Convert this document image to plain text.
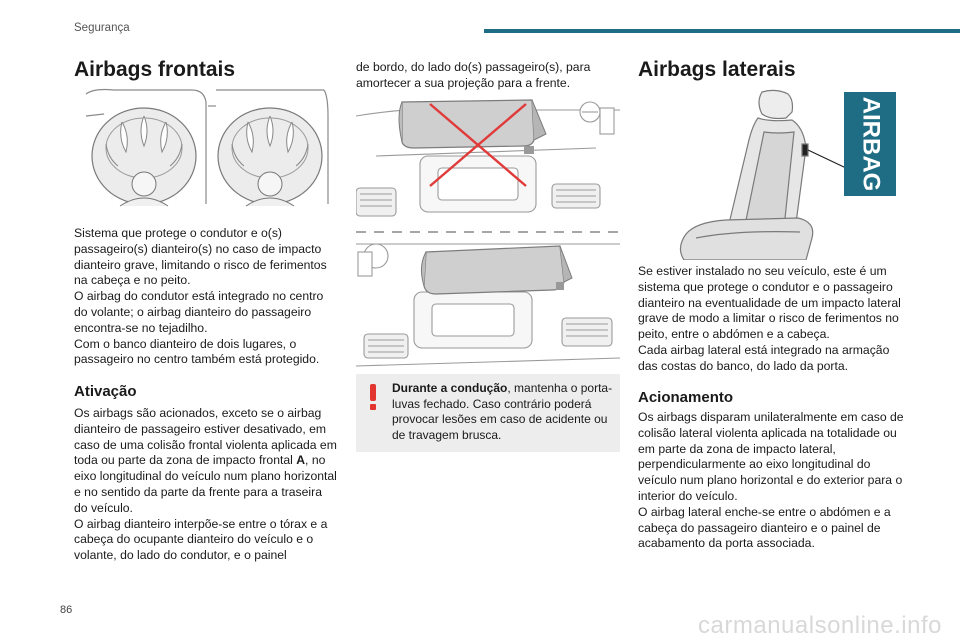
Segurança
Airbags frontais

Sistema que protege o condutor e o(s) passageiro(s) dianteiro(s) no caso de impacto dianteiro grave, limitando o risco de ferimentos na cabeça e no peito.

O airbag do condutor está integrado no centro do volante; o airbag dianteiro do passageiro encontra-se no tejadilho.

Com o banco dianteiro de dois lugares, o passageiro no centro também está protegido.

Ativação

Os airbags são acionados, exceto se o airbag dianteiro de passageiro estiver desativado, em caso de uma colisão frontal violenta aplicada em toda ou parte da zona de impacto frontal A, no eixo longitudinal do veículo num plano horizontal e no sentido da parte da frente para a traseira do veículo.

O airbag dianteiro interpõe-se entre o tórax e a cabeça do ocupante dianteiro do veículo e o volante, do lado do condutor, e o painel

de bordo, do lado do(s) passageiro(s), para amortecer a sua projeção para a frente.
Durante a condução, mantenha o porta-luvas fechado. Caso contrário poderá provocar lesões em caso de acidente ou de travagem brusca.
Airbags laterais
AIRBAG

Se estiver instalado no seu veículo, este é um sistema que protege o condutor e o passageiro dianteiro na eventualidade de um impacto lateral grave de modo a limitar o risco de ferimentos no peito, entre o abdómen e a cabeça.

Cada airbag lateral está integrado na armação das costas do banco, do lado da porta.

Acionamento

Os airbags disparam unilateralmente em caso de colisão lateral violenta aplicada na totalidade ou em parte da zona de impacto lateral, perpendicularmente ao eixo longitudinal do veículo num plano horizontal e do exterior para o interior do veículo.

O airbag lateral enche-se entre o abdómen e a cabeça do passageiro dianteiro e o painel de acabamento da porta associada.

86
carmanualsonline.info
